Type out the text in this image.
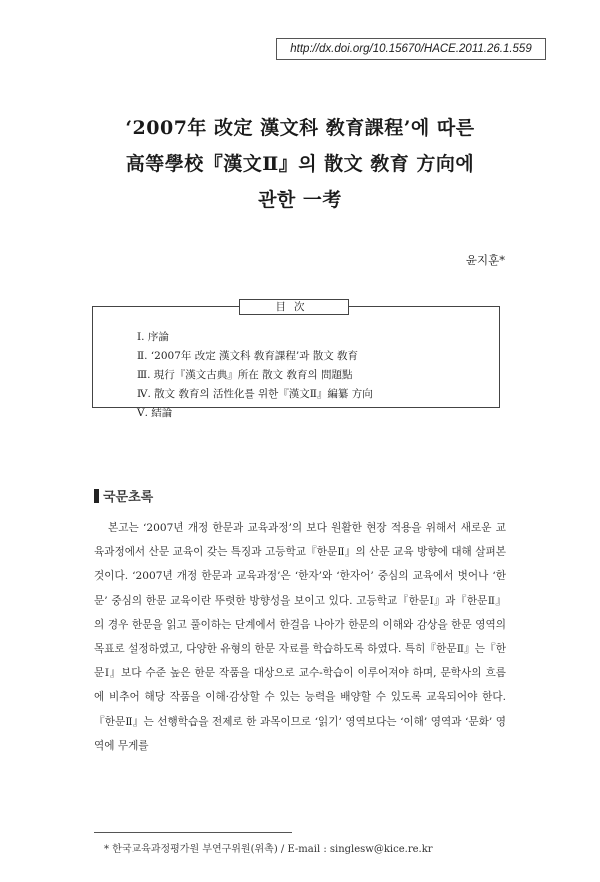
http://dx.doi.org/10.15670/HACE.2011.26.1.559
‘2007年 改定 漢文科 敎育課程’에 따른
高等學校『漢文Ⅱ』의 散文 敎育 方向에
관한 一考
윤지훈*
目次
Ⅰ. 序論
Ⅱ. ‘2007年 改定 漢文科 敎育課程’과 散文 敎育
Ⅲ. 現行『漢文古典』所在 散文 敎育의 問題點
Ⅳ. 散文 敎育의 活性化를 위한『漢文Ⅱ』編纂 方向
Ⅴ. 結論
국문초록

본고는 ‘2007년 개정 한문과 교육과정’의 보다 원활한 현장 적용을 위해서 새로운 교육과정에서 산문 교육이 갖는 특징과 고등학교『한문Ⅱ』의 산문 교육 방향에 대해 살펴본 것이다. ‘2007년 개정 한문과 교육과정’은 ‘한자’와 ‘한자어’ 중심의 교육에서 벗어나 ‘한문’ 중심의 한문 교육이란 뚜렷한 방향성을 보이고 있다. 고등학교『한문Ⅰ』과『한문Ⅱ』의 경우 한문을 읽고 풀이하는 단계에서 한걸음 나아가 한문의 이해와 감상을 한문 영역의 목표로 설정하였고, 다양한 유형의 한문 자료를 학습하도록 하였다. 특히『한문Ⅱ』는『한문Ⅰ』보다 수준 높은 한문 작품을 대상으로 교수-학습이 이루어져야 하며, 문학사의 흐름에 비추어 해당 작품을 이해·감상할 수 있는 능력을 배양할 수 있도록 교육되어야 한다.『한문Ⅱ』는 선행학습을 전제로 한 과목이므로 ‘읽기’ 영역보다는 ‘이해’ 영역과 ‘문화’ 영역에 무게를

* 한국교육과정평가원 부연구위원(위촉) / E-mail : singlesw@kice.re.kr
